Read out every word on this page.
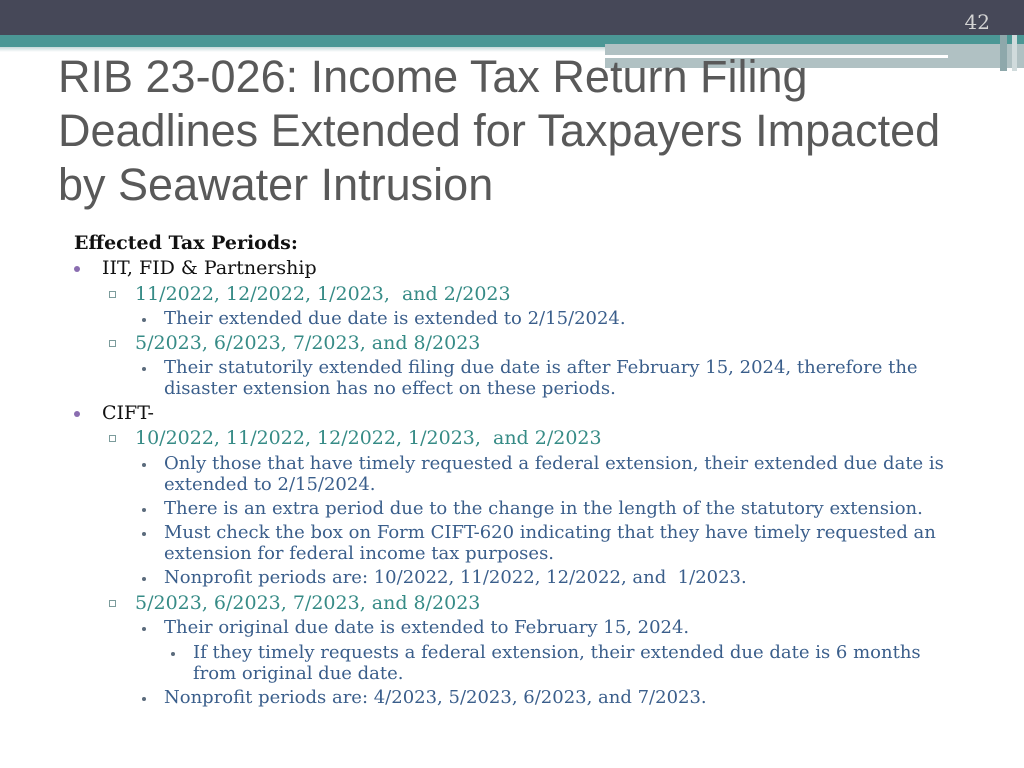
42
RIB 23-026: Income Tax Return Filing Deadlines Extended for Taxpayers Impacted by Seawater Intrusion
Effected Tax Periods:
IIT, FID & Partnership
11/2022, 12/2022, 1/2023,  and 2/2023
Their extended due date is extended to 2/15/2024.
5/2023, 6/2023, 7/2023, and 8/2023
Their statutorily extended filing due date is after February 15, 2024, therefore the
disaster extension has no effect on these periods.
CIFT-
10/2022, 11/2022, 12/2022, 1/2023,  and 2/2023
Only those that have timely requested a federal extension, their extended due date is
extended to 2/15/2024.
There is an extra period due to the change in the length of the statutory extension.
Must check the box on Form CIFT-620 indicating that they have timely requested an
extension for federal income tax purposes.
Nonprofit periods are: 10/2022, 11/2022, 12/2022, and  1/2023.
5/2023, 6/2023, 7/2023, and 8/2023
Their original due date is extended to February 15, 2024.
If they timely requests a federal extension, their extended due date is 6 months
from original due date.
Nonprofit periods are: 4/2023, 5/2023, 6/2023, and 7/2023.
